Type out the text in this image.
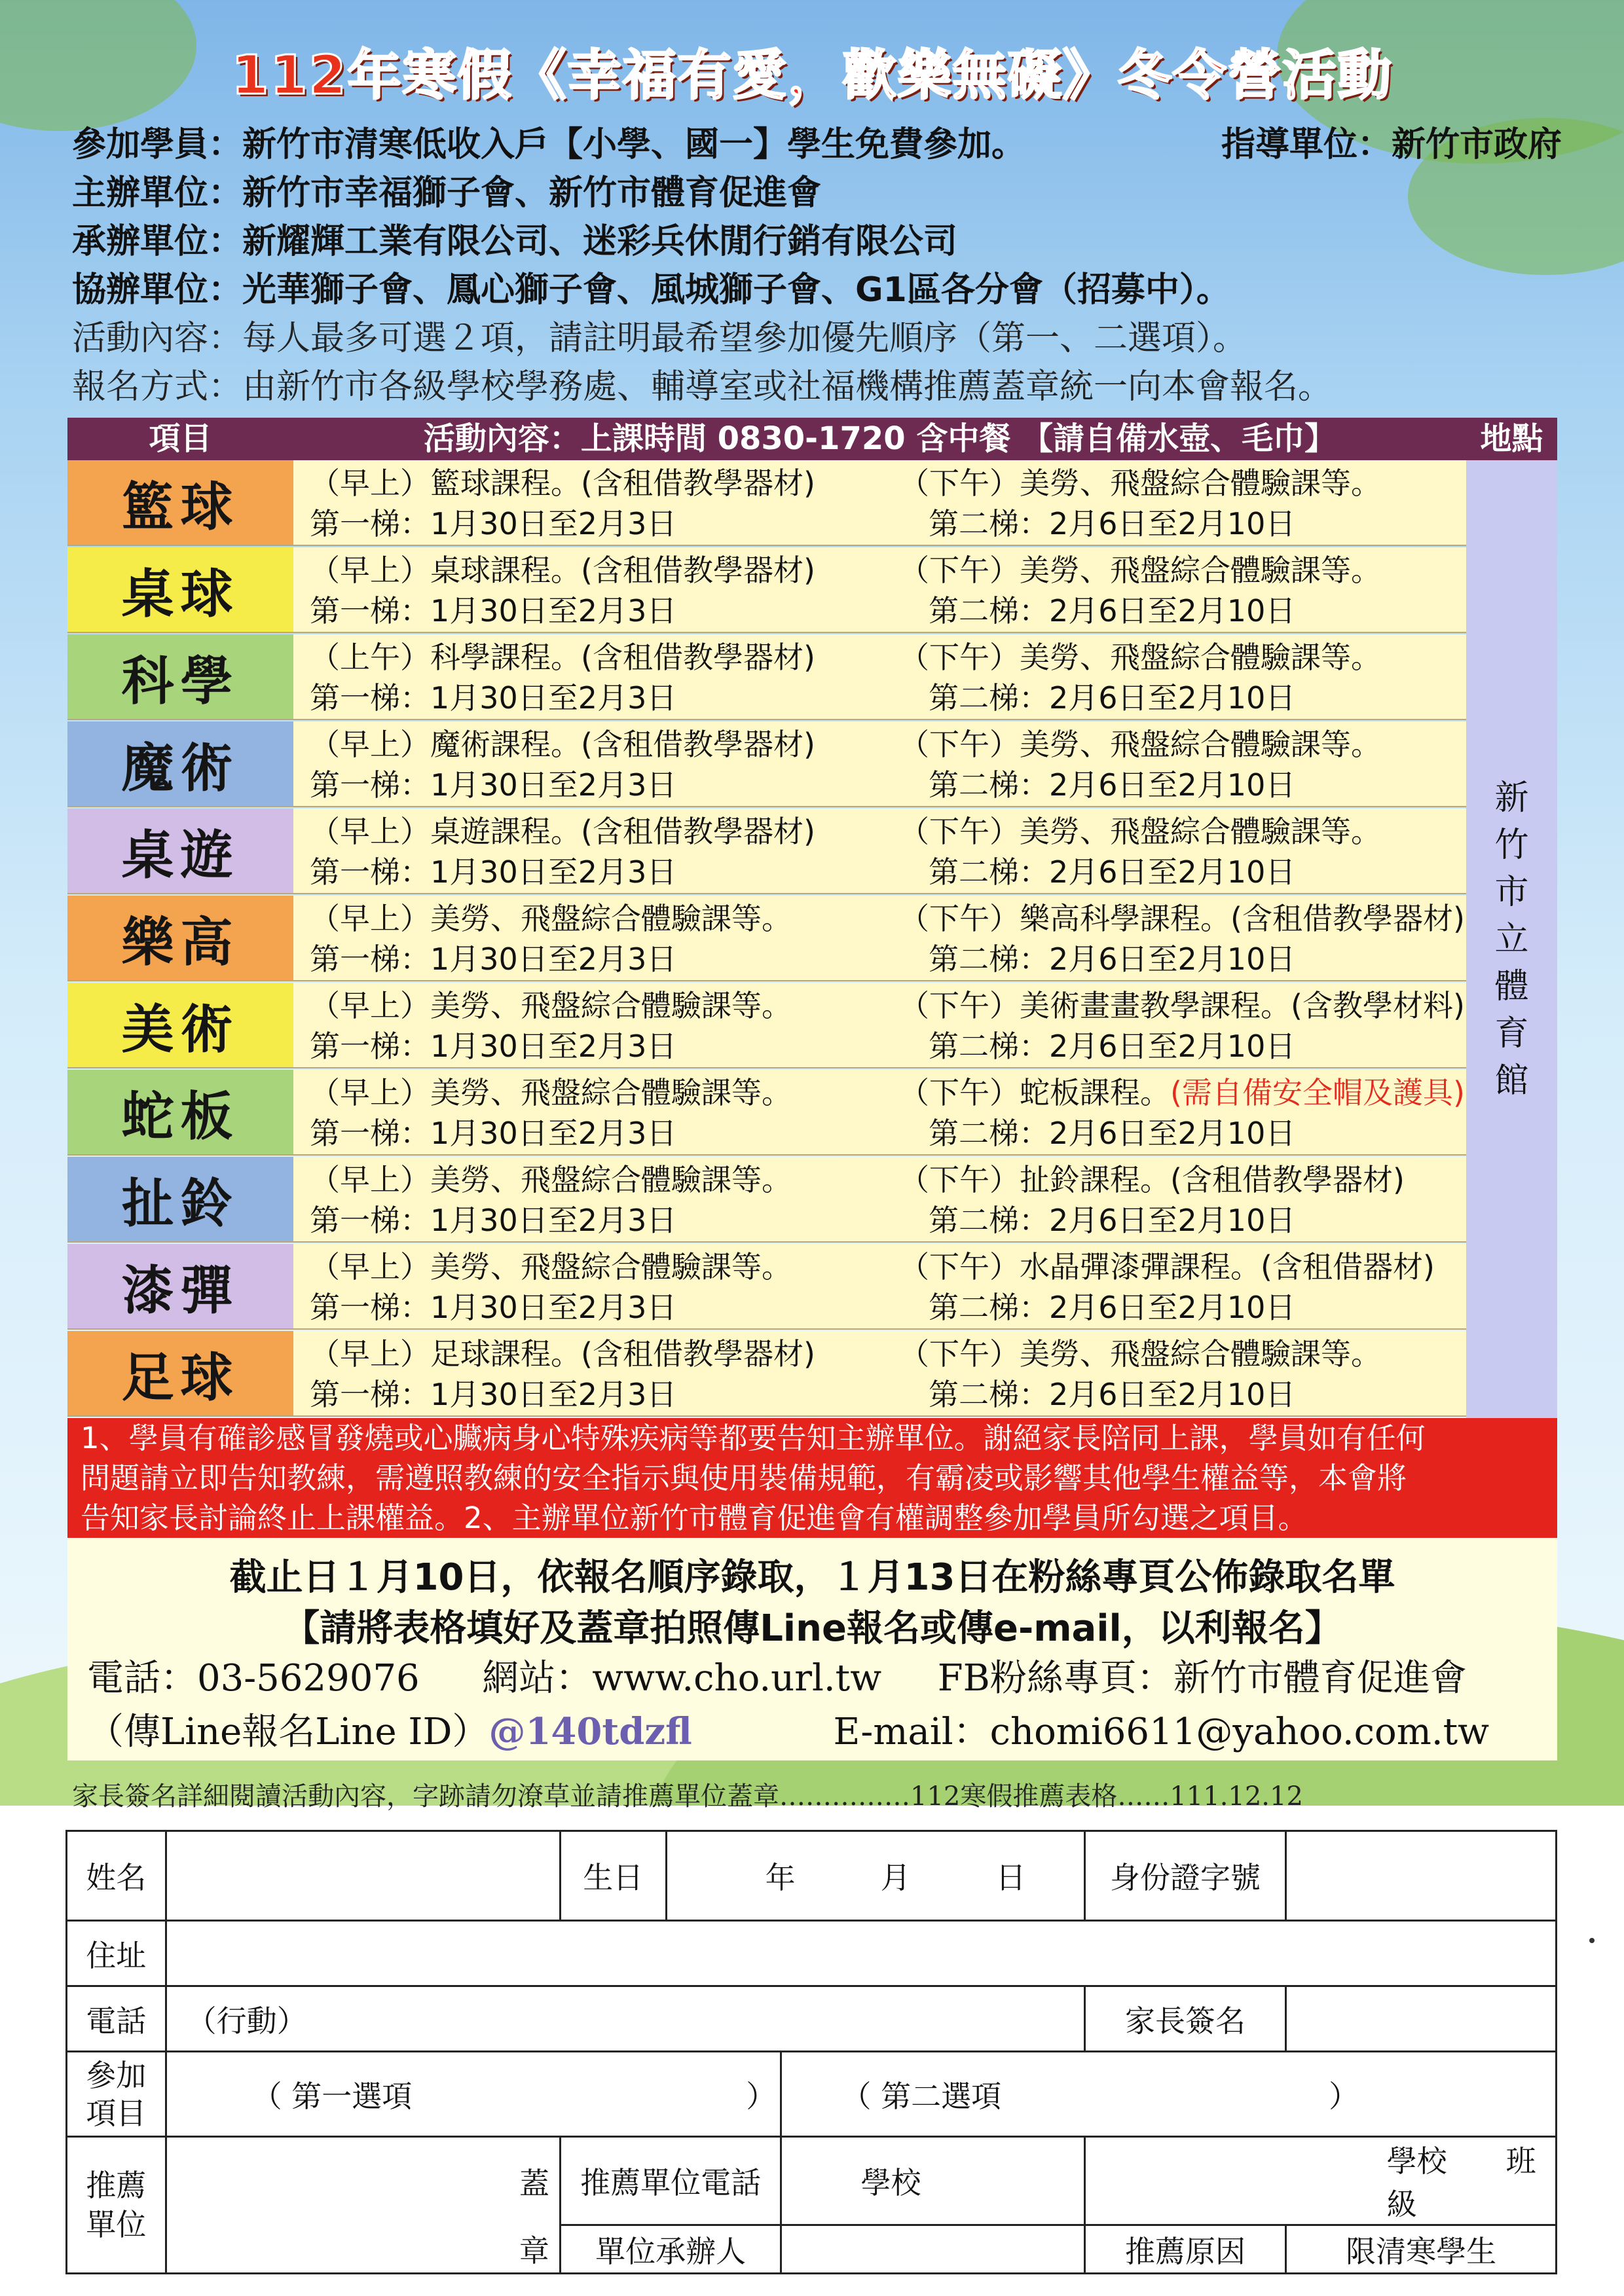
112年寒假《幸福有愛，歡樂無礙》冬令營活動
參加學員：新竹市清寒低收入戶【小學、國一】學生免費參加。	指導單位：新竹市政府
主辦單位：新竹市幸福獅子會、新竹市體育促進會
承辦單位：新耀輝工業有限公司、迷彩兵休閒行銷有限公司
協辦單位：光華獅子會、鳳心獅子會、風城獅子會、G1區各分會（招募中）。
活動內容：每人最多可選２項，請註明最希望參加優先順序（第一、二選項）。
報名方式：由新竹市各級學校學務處、輔導室或社福機構推薦蓋章統一向本會報名。
項目	活動內容：上課時間 0830-1720 含中餐 【請自備水壺、毛巾】	地點
籃球	（早上）籃球課程。(含租借教學器材)	（下午）美勞、飛盤綜合體驗課等。
第一梯：1月30日至2月3日	第二梯：2月6日至2月10日
桌球	（早上）桌球課程。(含租借教學器材)	（下午）美勞、飛盤綜合體驗課等。
第一梯：1月30日至2月3日	第二梯：2月6日至2月10日
科學	（上午）科學課程。(含租借教學器材)	（下午）美勞、飛盤綜合體驗課等。
第一梯：1月30日至2月3日	第二梯：2月6日至2月10日
魔術	（早上）魔術課程。(含租借教學器材)	（下午）美勞、飛盤綜合體驗課等。
第一梯：1月30日至2月3日	第二梯：2月6日至2月10日
桌遊	（早上）桌遊課程。(含租借教學器材)	（下午）美勞、飛盤綜合體驗課等。
第一梯：1月30日至2月3日	第二梯：2月6日至2月10日
樂高	（早上）美勞、飛盤綜合體驗課等。	（下午）樂高科學課程。(含租借教學器材)
第一梯：1月30日至2月3日	第二梯：2月6日至2月10日
美術	（早上）美勞、飛盤綜合體驗課等。	（下午）美術畫畫教學課程。(含教學材料)
第一梯：1月30日至2月3日	第二梯：2月6日至2月10日
蛇板	（早上）美勞、飛盤綜合體驗課等。	（下午）蛇板課程。(需自備安全帽及護具)
第一梯：1月30日至2月3日	第二梯：2月6日至2月10日
扯鈴	（早上）美勞、飛盤綜合體驗課等。	（下午）扯鈴課程。(含租借教學器材)
第一梯：1月30日至2月3日	第二梯：2月6日至2月10日
漆彈	（早上）美勞、飛盤綜合體驗課等。	（下午）水晶彈漆彈課程。(含租借器材)
第一梯：1月30日至2月3日	第二梯：2月6日至2月10日
足球	（早上）足球課程。(含租借教學器材)	（下午）美勞、飛盤綜合體驗課等。
第一梯：1月30日至2月3日	第二梯：2月6日至2月10日
新竹
市立
體育
館
1、學員有確診感冒發燒或心臟病身心特殊疾病等都要告知主辦單位。謝絕家長陪同上課，學員如有任何
問題請立即告知教練，需遵照教練的安全指示與使用裝備規範，有霸凌或影響其他學生權益等，本會將
告知家長討論終止上課權益。2、主辦單位新竹市體育促進會有權調整參加學員所勾選之項目。
截止日１月10日，依報名順序錄取，１月13日在粉絲專頁公佈錄取名單
【請將表格填好及蓋章拍照傳Line報名或傳e-mail，以利報名】
電話：03-5629076 網站：www.cho.url.tw FB粉絲專頁：新竹市體育促進會
（傳Line報名Line ID）@140tdzfl	E-mail：chomi6611@yahoo.com.tw
家長簽名詳細閱讀活動內容，字跡請勿潦草並請推薦單位蓋章……………112寒假推薦表格……111.12.12
姓名		生日	年 月 日		身份證字號	
住址						
電話	（行動）				家長簽名	

參加
項目	（ 第一選項 ）			（ 第二選項 ）		

推薦
單位	蓋	推薦單位電話		學校	學校 班級	
	章	單位承辦人			推薦原因	限清寒學生
